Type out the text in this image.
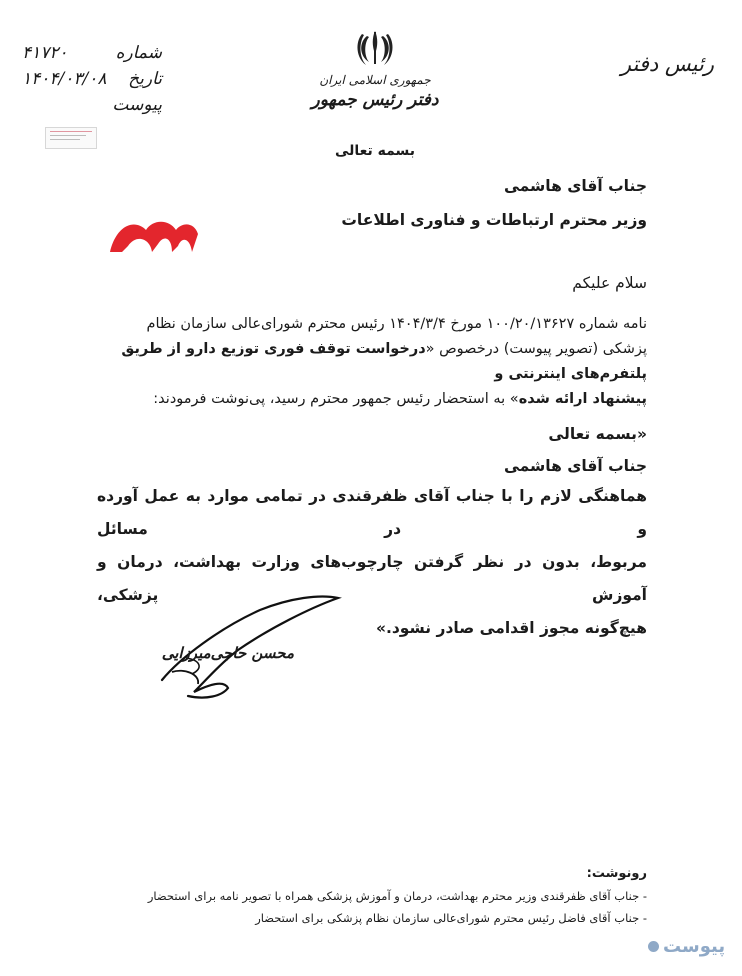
شماره
۴۱۷۲۰
تاریخ
۱۴۰۴/۰۳/۰۸
پیوست
جمهوری اسلامی ایران
دفتر رئیس جمهور
رئیس دفتر
بسمه تعالی
جناب آقای هاشمی
وزیر محترم ارتباطات و فناوری اطلاعات
سلام علیکم
نامه شماره ۱۰۰/۲۰/۱۳۶۲۷ مورخ ۱۴۰۴/۳/۴ رئیس محترم شورای‌عالی سازمان نظام
پزشکی (تصویر پیوست) درخصوص «درخواست توقف فوری توزیع دارو از طریق پلتفرم‌های اینترنتی و
پیشنهاد ارائه شده» به استحضار رئیس جمهور محترم رسید، پی‌نوشت فرمودند:
«بسمه تعالی
جناب آقای هاشمی
هماهنگی لازم را با جناب آقای ظفرقندی در تمامی موارد به عمل آورده و در مسائل
مربوط، بدون در نظر گرفتن چارچوب‌های وزارت بهداشت، درمان و آموزش پزشکی،
هیچ‌گونه مجوز اقدامی صادر نشود.»
محسن حاجی‌میرزایی
رونوشت:
- جناب آقای ظفرقندی وزیر محترم بهداشت، درمان و آموزش پزشکی همراه با تصویر نامه برای استحضار
- جناب آقای فاضل رئیس محترم شورای‌عالی سازمان نظام پزشکی برای استحضار
پیوست
